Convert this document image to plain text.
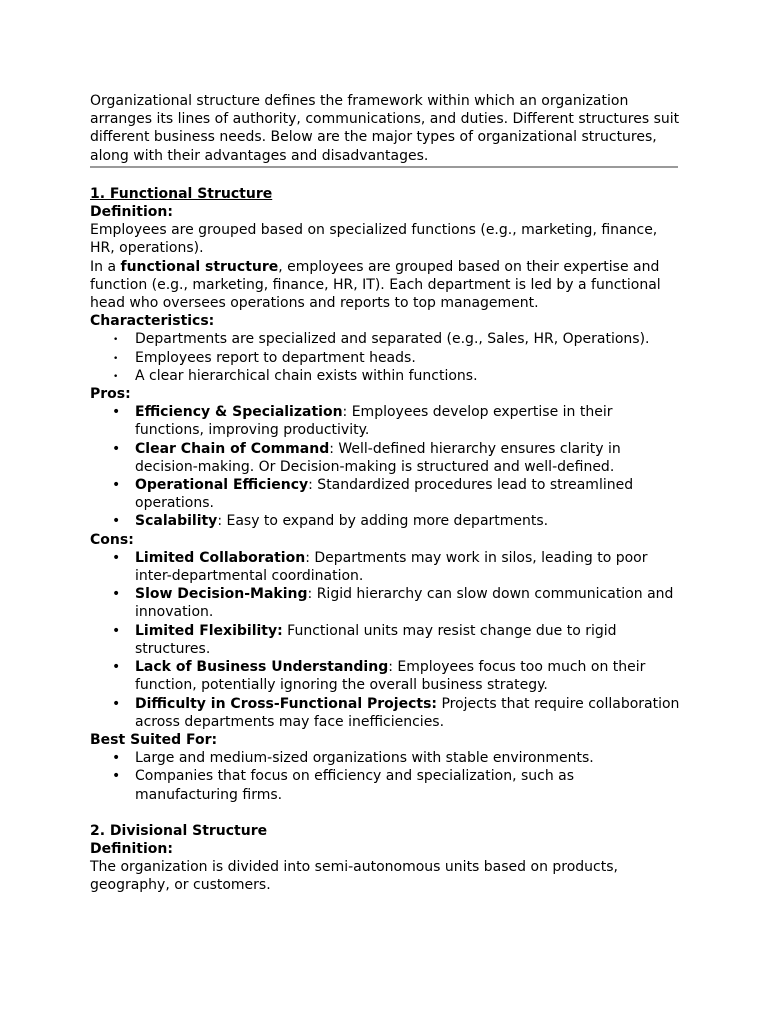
Organizational structure defines the framework within which an organization arranges its lines of authority, communications, and duties. Different structures suit different business needs. Below are the major types of organizational structures, along with their advantages and disadvantages.

1. Functional Structure

Definition:

Employees are grouped based on specialized functions (e.g., marketing, finance, HR, operations).

In a functional structure, employees are grouped based on their expertise and function (e.g., marketing, finance, HR, IT). Each department is led by a functional head who oversees operations and reports to top management.

Characteristics:

• Departments are specialized and separated (e.g., Sales, HR, Operations).
• Employees report to department heads.
• A clear hierarchical chain exists within functions.

Pros:

• Efficiency & Specialization: Employees develop expertise in their functions, improving productivity.
• Clear Chain of Command: Well-defined hierarchy ensures clarity in decision-making. Or Decision-making is structured and well-defined.
• Operational Efficiency: Standardized procedures lead to streamlined operations.
• Scalability: Easy to expand by adding more departments.

Cons:

• Limited Collaboration: Departments may work in silos, leading to poor inter-departmental coordination.
• Slow Decision-Making: Rigid hierarchy can slow down communication and innovation.
• Limited Flexibility: Functional units may resist change due to rigid structures.
• Lack of Business Understanding: Employees focus too much on their function, potentially ignoring the overall business strategy.
• Difficulty in Cross-Functional Projects: Projects that require collaboration across departments may face inefficiencies.

Best Suited For:

• Large and medium-sized organizations with stable environments.
• Companies that focus on efficiency and specialization, such as manufacturing firms.

2. Divisional Structure

Definition:

The organization is divided into semi-autonomous units based on products, geography, or customers.
